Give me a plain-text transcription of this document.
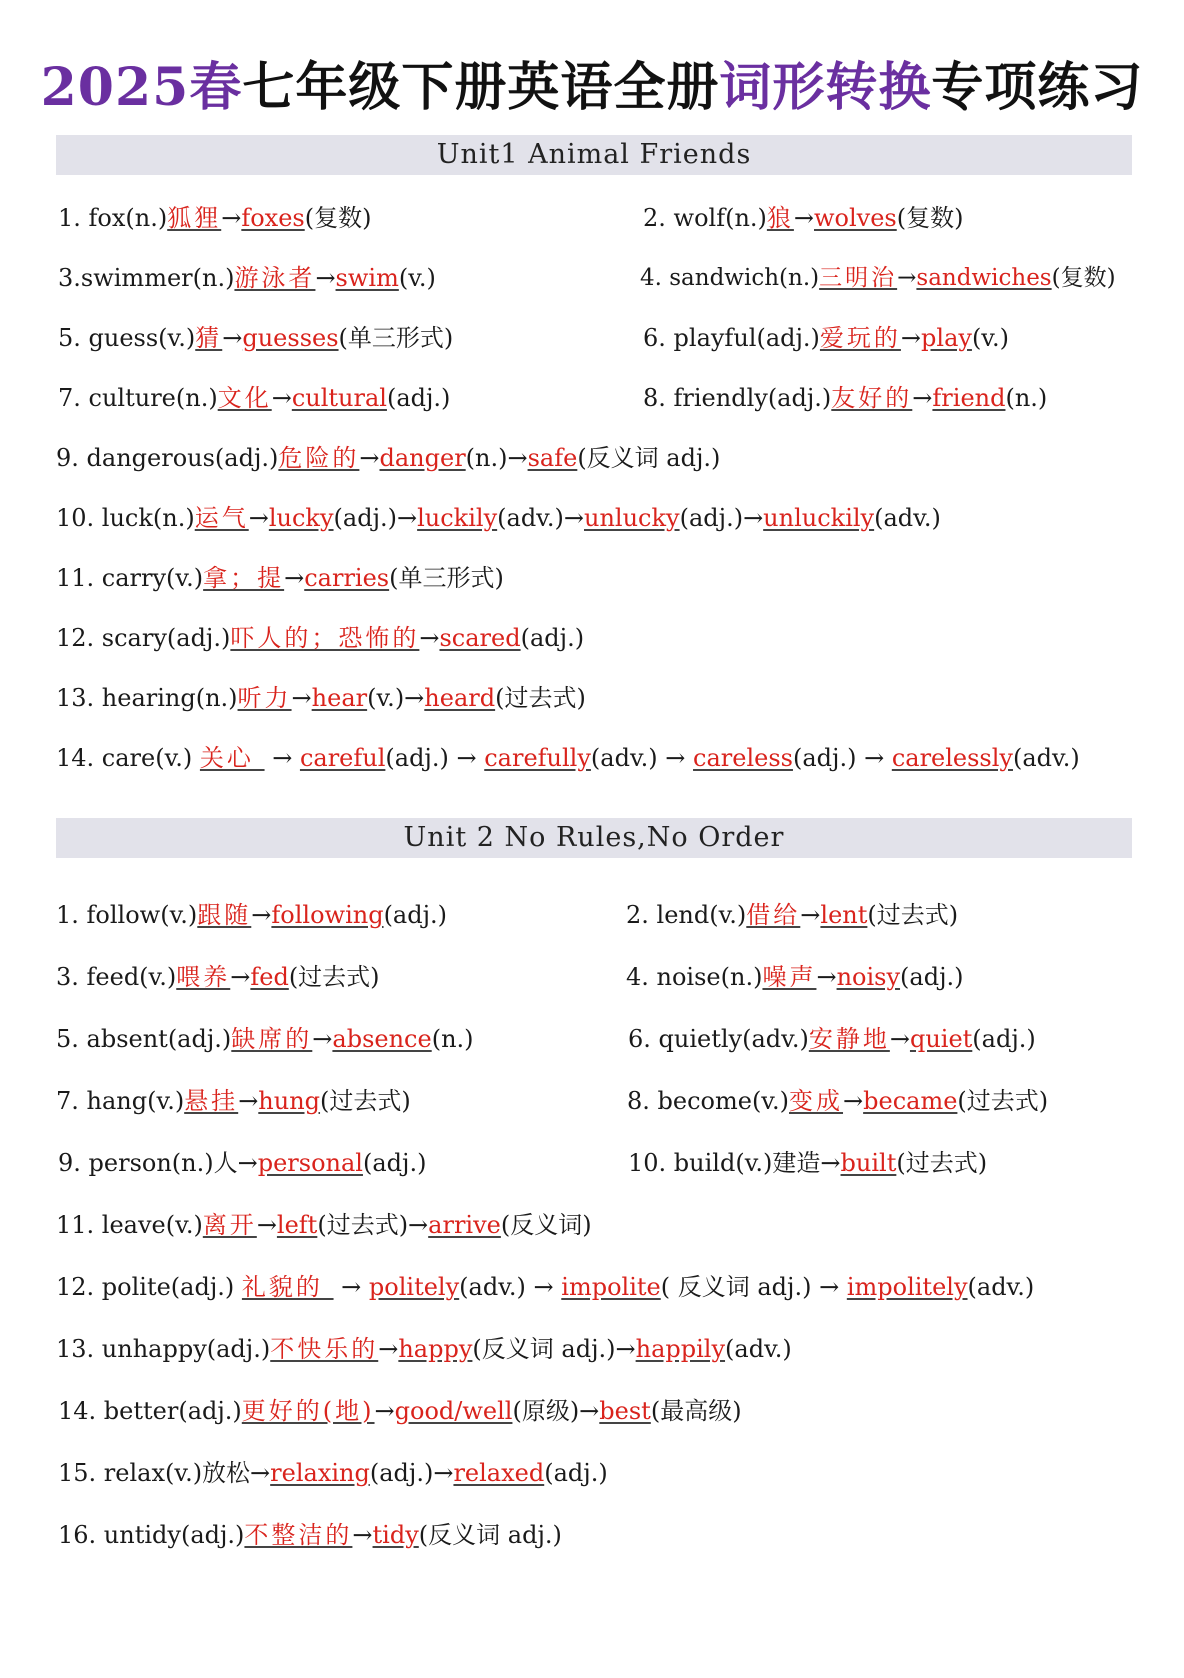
2025春七年级下册英语全册词形转换专项练习
Unit1 Animal Friends
1. fox(n.)狐狸→foxes(复数)	2. wolf(n.)狼→wolves(复数)
3.swimmer(n.)游泳者→swim(v.)	4. sandwich(n.)三明治→sandwiches(复数)
5. guess(v.)猜→guesses(单三形式)	6. playful(adj.)爱玩的→play(v.)
7. culture(n.)文化→cultural(adj.)	8. friendly(adj.)友好的→friend(n.)
9. dangerous(adj.)危险的→danger(n.)→safe(反义词 adj.)
10. luck(n.)运气→lucky(adj.)→luckily(adv.)→unlucky(adj.)→unluckily(adv.)
11. carry(v.)拿；提→carries(单三形式)
12. scary(adj.)吓人的；恐怖的→scared(adj.)
13. hearing(n.)听力→hear(v.)→heard(过去式)
14. care(v.) 关心  → careful(adj.) → carefully(adv.) → careless(adj.) → carelessly(adv.)
Unit 2 No Rules,No Order
1. follow(v.)跟随→following(adj.)	2. lend(v.)借给→lent(过去式)
3. feed(v.)喂养→fed(过去式)	4. noise(n.)噪声→noisy(adj.)
5. absent(adj.)缺席的→absence(n.)	6. quietly(adv.)安静地→quiet(adj.)
7. hang(v.)悬挂→hung(过去式)	8. become(v.)变成→became(过去式)
9. person(n.)人→personal(adj.)	10. build(v.)建造→built(过去式)
11. leave(v.)离开→left(过去式)→arrive(反义词)
12. polite(adj.) 礼貌的  → politely(adv.) → impolite( 反义词 adj.) → impolitely(adv.)
13. unhappy(adj.)不快乐的→happy(反义词 adj.)→happily(adv.)
14. better(adj.)更好的(地)→good/well(原级)→best(最高级)
15. relax(v.)放松→relaxing(adj.)→relaxed(adj.)
16. untidy(adj.)不整洁的→tidy(反义词 adj.)
